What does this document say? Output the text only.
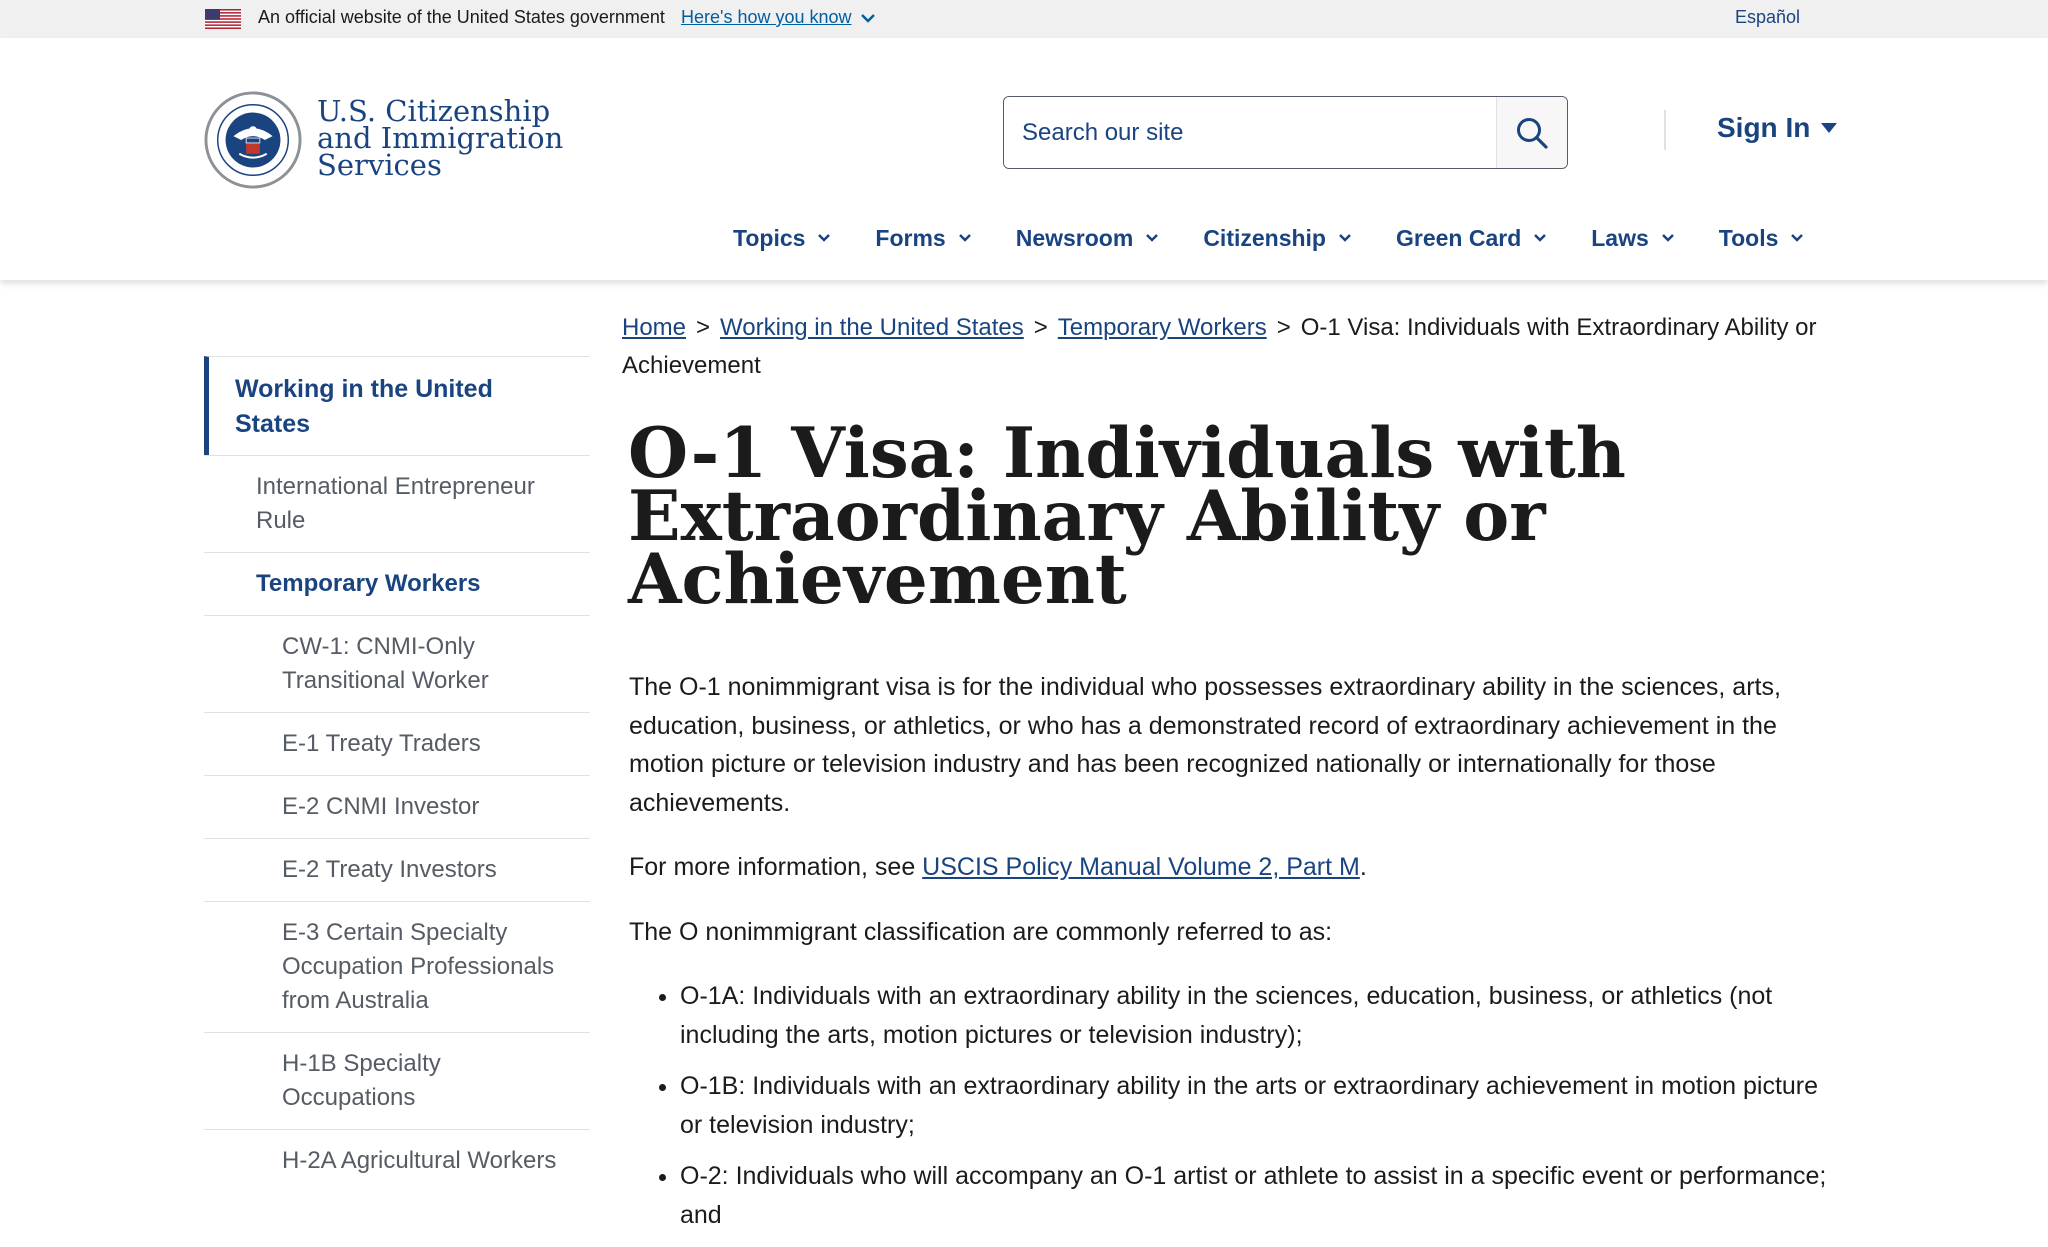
An official website of the United States government Here's how you know	Español
U.S. Citizenship
and Immigration
Services
Search our site
Sign In
Topics	Forms	Newsroom	Citizenship	Green Card	Laws	Tools
Working in the United States
International Entrepreneur Rule
Temporary Workers
CW-1: CNMI-Only Transitional Worker
E-1 Treaty Traders
E-2 CNMI Investor
E-2 Treaty Investors
E-3 Certain Specialty Occupation Professionals from Australia
H-1B Specialty Occupations
H-2A Agricultural Workers
Home > Working in the United States > Temporary Workers > O-1 Visa: Individuals with Extraordinary Ability or Achievement
O-1 Visa: Individuals with Extraordinary Ability or Achievement

The O-1 nonimmigrant visa is for the individual who possesses extraordinary ability in the sciences, arts, education, business, or athletics, or who has a demonstrated record of extraordinary achievement in the motion picture or television industry and has been recognized nationally or internationally for those achievements.

For more information, see USCIS Policy Manual Volume 2, Part M.

The O nonimmigrant classification are commonly referred to as:

• O-1A: Individuals with an extraordinary ability in the sciences, education, business, or athletics (not including the arts, motion pictures or television industry);
• O-1B: Individuals with an extraordinary ability in the arts or extraordinary achievement in motion picture or television industry;
• O-2: Individuals who will accompany an O-1 artist or athlete to assist in a specific event or performance; and
